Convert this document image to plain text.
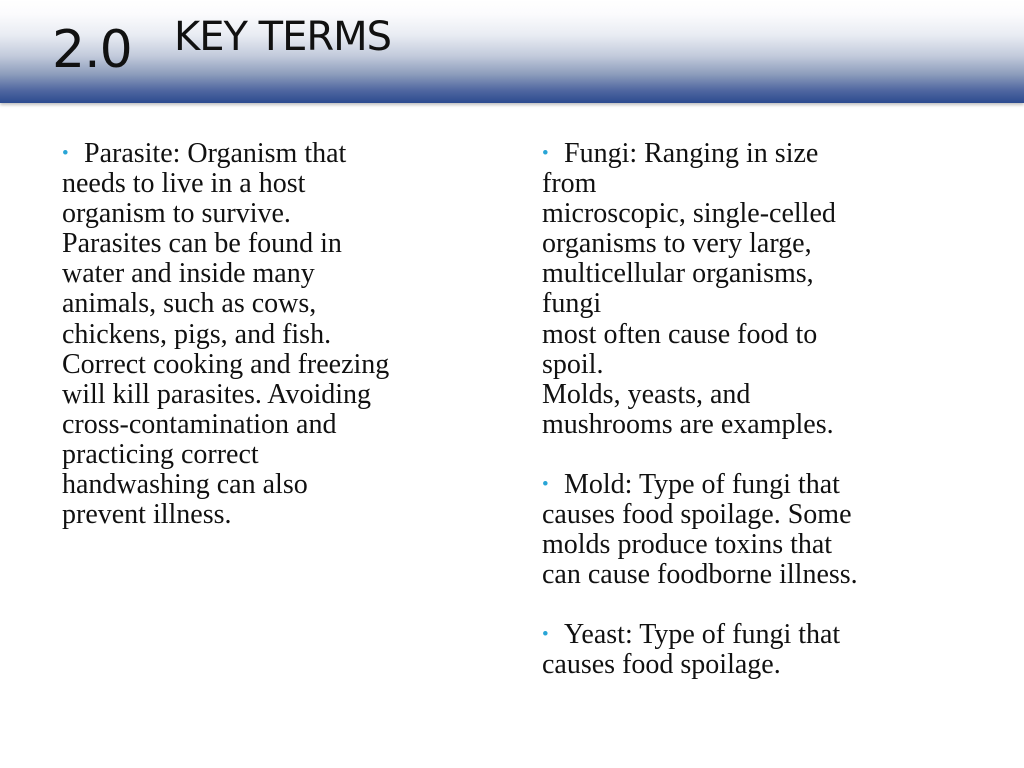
2.0 KEY TERMS
• Parasite: Organism that
needs to live in a host
organism to survive.
Parasites can be found in
water and inside many
animals, such as cows,
chickens, pigs, and fish.
Correct cooking and freezing
will kill parasites. Avoiding
cross-contamination and
practicing correct
handwashing can also
prevent illness.
• Fungi: Ranging in size
from
microscopic, single-celled
organisms to very large,
multicellular organisms,
fungi
most often cause food to
spoil.
Molds, yeasts, and
mushrooms are examples.
• Mold: Type of fungi that
causes food spoilage. Some
molds produce toxins that
can cause foodborne illness.
• Yeast: Type of fungi that
causes food spoilage.
